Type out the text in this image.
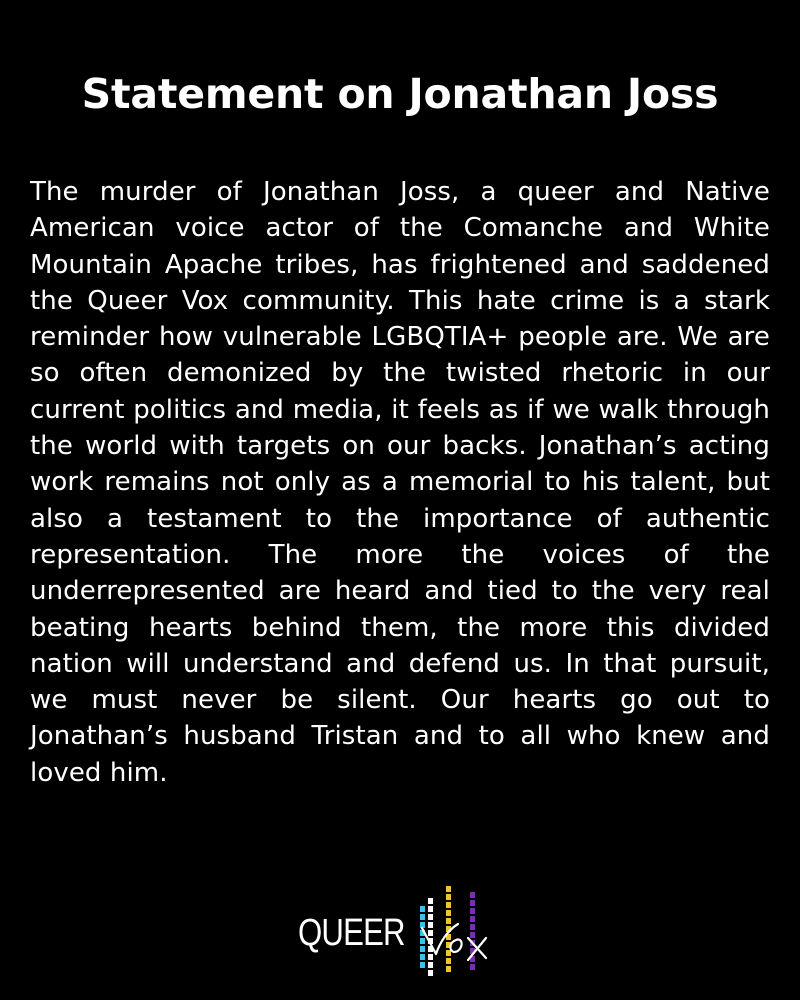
Statement on Jonathan Joss

The murder of Jonathan Joss, a queer and Native American voice actor of the Comanche and White Mountain Apache tribes, has frightened and saddened the Queer Vox community. This hate crime is a stark reminder how vulnerable LGBQTIA+ people are. We are so often demonized by the twisted rhetoric in our current politics and media, it feels as if we walk through the world with targets on our backs. Jonathan’s acting work remains not only as a memorial to his talent, but also a testament to the importance of authentic representation. The more the voices of the underrepresented are heard and tied to the very real beating hearts behind them, the more this divided nation will understand and defend us. In that pursuit, we must never be silent. Our hearts go out to Jonathan’s husband Tristan and to all who knew and loved him.

QUEER
